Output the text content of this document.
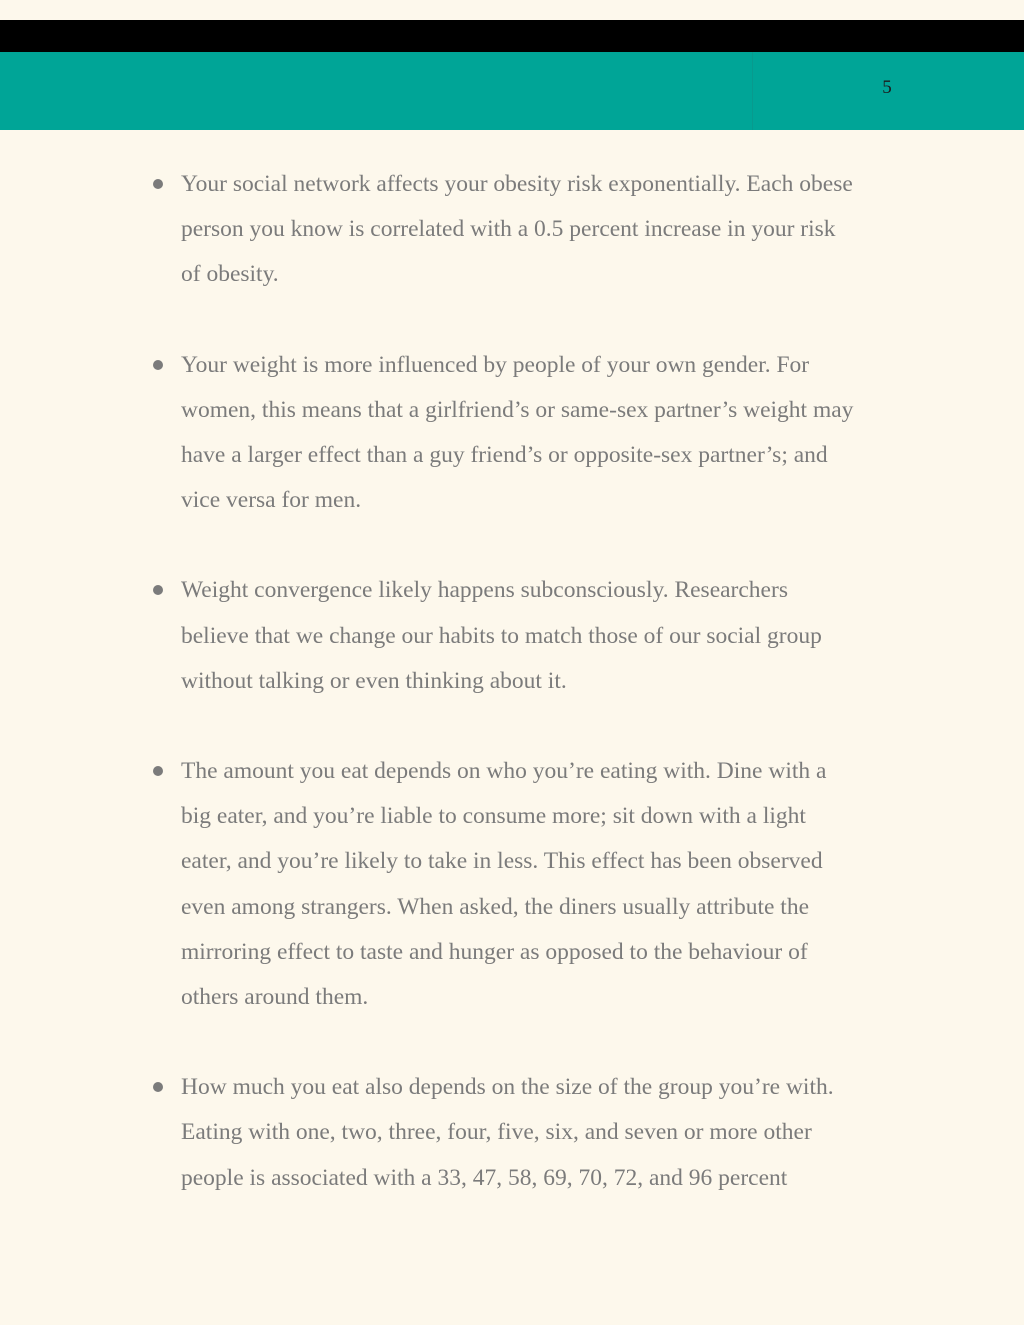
5
Your social network affects your obesity risk exponentially. Each obese
person you know is correlated with a 0.5 percent increase in your risk
of obesity.
Your weight is more influenced by people of your own gender. For
women, this means that a girlfriend’s or same-sex partner’s weight may
have a larger effect than a guy friend’s or opposite-sex partner’s; and
vice versa for men.
Weight convergence likely happens subconsciously. Researchers
believe that we change our habits to match those of our social group
without talking or even thinking about it.
The amount you eat depends on who you’re eating with. Dine with a
big eater, and you’re liable to consume more; sit down with a light
eater, and you’re likely to take in less. This effect has been observed
even among strangers. When asked, the diners usually attribute the
mirroring effect to taste and hunger as opposed to the behaviour of
others around them.
How much you eat also depends on the size of the group you’re with.
Eating with one, two, three, four, five, six, and seven or more other
people is associated with a 33, 47, 58, 69, 70, 72, and 96 percent
